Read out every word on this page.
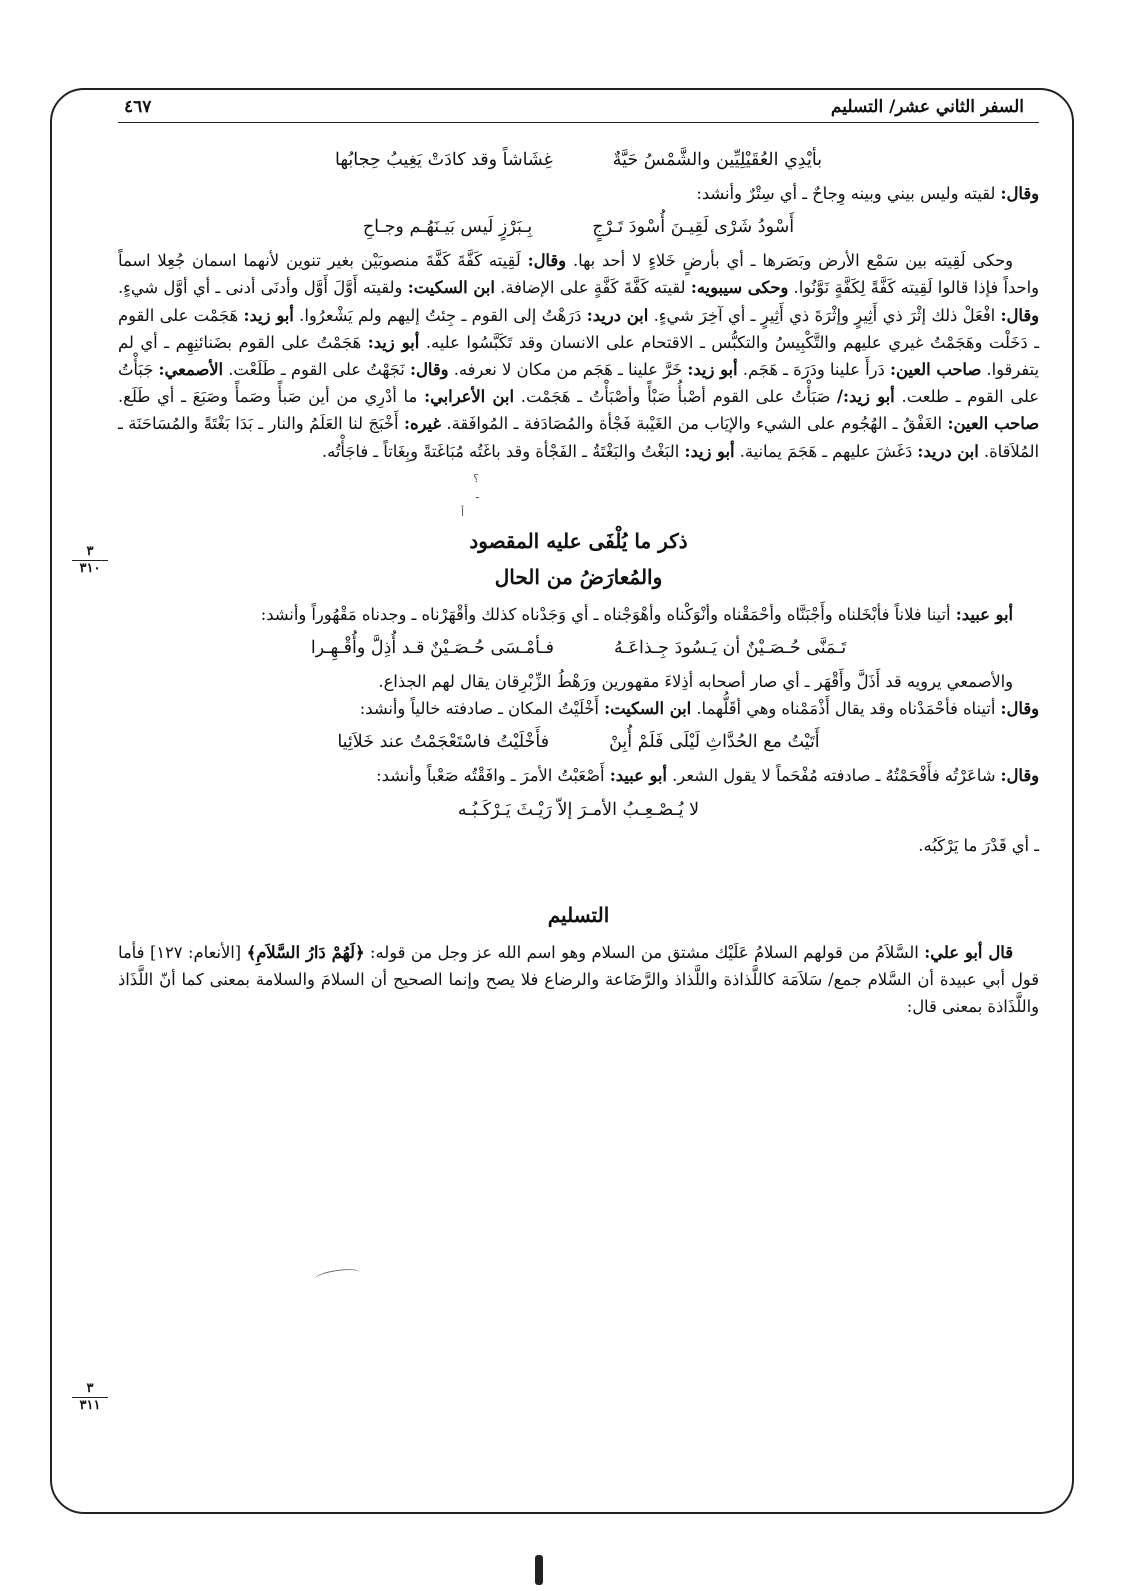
السفر الثاني عشر/ التسليم
٤٦٧
٣
٣١٠
٣
٣١١
بأيْدِي العُقَيْلِيِّين والشَّمْسُ حَيَّةٌ
غِشَاشاً وقد كادَتْ يَغِيبُ حِجابُها

وقال: لقيته وليس بيني وبينه وِجاحٌ ـ أي سِتْرٌ وأنشد:

أَسْودُ شَرْى لَقِيـنَ أُسْودَ تَـرْجٍ
بِـبَرْزٍ لَيس بَيـنَهُـم وجـاحِ

وحكى لَقِيته بين سَمْع الأرض وبَصَرها ـ أي بأرضٍ خَلاءٍ لا أحد بها. وقال: لَقِيته كَفَّةَ كَفَّةَ منصوبَيْن بغير تنوين لأنهما اسمان جُعِلا اسماً واحداً فإذا قالوا لَقِيته كَفَّةً لِكَفَّةٍ نَوَّنُوا. وحكى سيبويه: لقيته كَفَّةَ كَفَّةٍ على الإضافة. ابن السكيت: ولقيته أَوَّلَ أَوَّل وأدنَى أدنى ـ أي أوَّل شيءٍ. وقال: افْعَلْ ذلك إثْرَ ذي أَثِيرٍ وإثْرَةَ ذي أَثِيرٍ ـ أي آخِرَ شيءٍ. ابن دريد: دَرَهْتُ إلى القوم ـ جِئتُ إليهم ولم يَشْعرُوا. أبو زيد: هَجَمْت على القوم ـ دَخَلْت وهَجَمْتُ غيري عليهم والتَّكْبِيسُ والتكبُّس ـ الاقتحام على الانسان وقد تَكَبَّسُوا عليه. أبو زيد: هَجَمْتُ على القوم بضَنائنِهِم ـ أي لم يتفرقوا. صاحب العين: دَرأَ علينا ودَرَهَ ـ هَجَم. أبو زيد: خَرَّ علينا ـ هَجَم من مكان لا نعرفه. وقال: نَجَهْتُ على القوم ـ طَلَعْت. الأصمعي: جَبَأْتُ على القوم ـ طلعت. أبو زيد:/ صَبَأْتُ على القوم أصْبأُ صَبْأً وأصْبَأْتُ ـ هَجَمْت. ابن الأعرابي: ما أدْرِي من أين صَبأً وصَمأً وصَبَعَ ـ أي طَلَع. صاحب العين: الغَفْقُ ـ الهُجُوم على الشيء والإيَاب من الغَيْبة فَجْأة والمُصَادَفة ـ المُوافَقة. غيره: أَخْبَجَ لنا العَلَمُ والنار ـ بَدَا بَغْتَةً والمُسَاحَنَة ـ المُلاَقاة. ابن دريد: دَغَشَ عليهم ـ هَجَمَ يمانية. أبو زيد: البَغْتُ والبَغْتَةُ ـ الفَجْأة وقد باغَتُه مُبَاغَتةً وبِغَاتاً ـ فاجَأْتُه.

؟
ـ
أ
ذكر ما يُلْفَى عليه المقصود
والمُعارَضُ من الحال

أبو عبيد: أتينا فلاناً فأبْخَلناه وأَجْبَنَّاه وأحْمَقْناه وأنْوَكْناه وأهْوَجْناه ـ أي وَجَدْناه كذلك وأقْهَرْناه ـ وجدناه مَقْهُوراً وأنشد:

تَـمَنَّى حُـصَـيْنٌ أن يَـسُودَ جِـذاعَـهُ
فـأمْـسَى حُـصَـيْنٌ قـد أُذِلَّ وأُقْـهِـرا

والأصمعي يرويه قد أَذَلَّ وأَقْهَر ـ أي صار أصحابه أذِلاءَ مقهورين ورَهْطُ الزِّبْرِقان يقال لهم الجذاع.

وقال: أتيناه فأحْمَدْناه وقد يقال أَذْمَمْناه وهي أقَلُّهما. ابن السكيت: أَخْلَيْتُ المكان ـ صادفته خالياً وأنشد:

أَتَيْتُ مع الحُدَّاثِ لَيْلَى فَلَمْ أُبِنْ
فأَخْلَيْتُ فاسْتَعْجَمْتُ عند خَلاَئِيا

وقال: شاعَرْتُه فأَفْحَمْتُهُ ـ صادفته مُفْحَماً لا يقول الشعر. أبو عبيد: أَصْعَبْتُ الأمرَ ـ وافَقْتُه صَعْباً وأنشد:

لا يُـصْـعِـبُ الأمـرَ إلاّ رَيْـثَ يَـرْكَـبُـه

ـ أي قَدْرَ ما يَرْكَبُه.

التسليم

قال أبو علي: السَّلاَمُ من قولهم السلامُ عَلَيْك مشتق من السلام وهو اسم الله عز وجل من قوله: ﴿لَهُمْ دَارُ السَّلاَمِ﴾ [الأنعام: ١٢٧] فأما قول أبي عبيدة أن السَّلام جمع/ سَلاَمَة كاللَّذاذة واللَّذاذ والرَّضَاعة والرضاع فلا يصح وإنما الصحيح أن السلامَ والسلامة بمعنى كما أنّ اللَّذَاذ واللَّذَاذة بمعنى قال:
